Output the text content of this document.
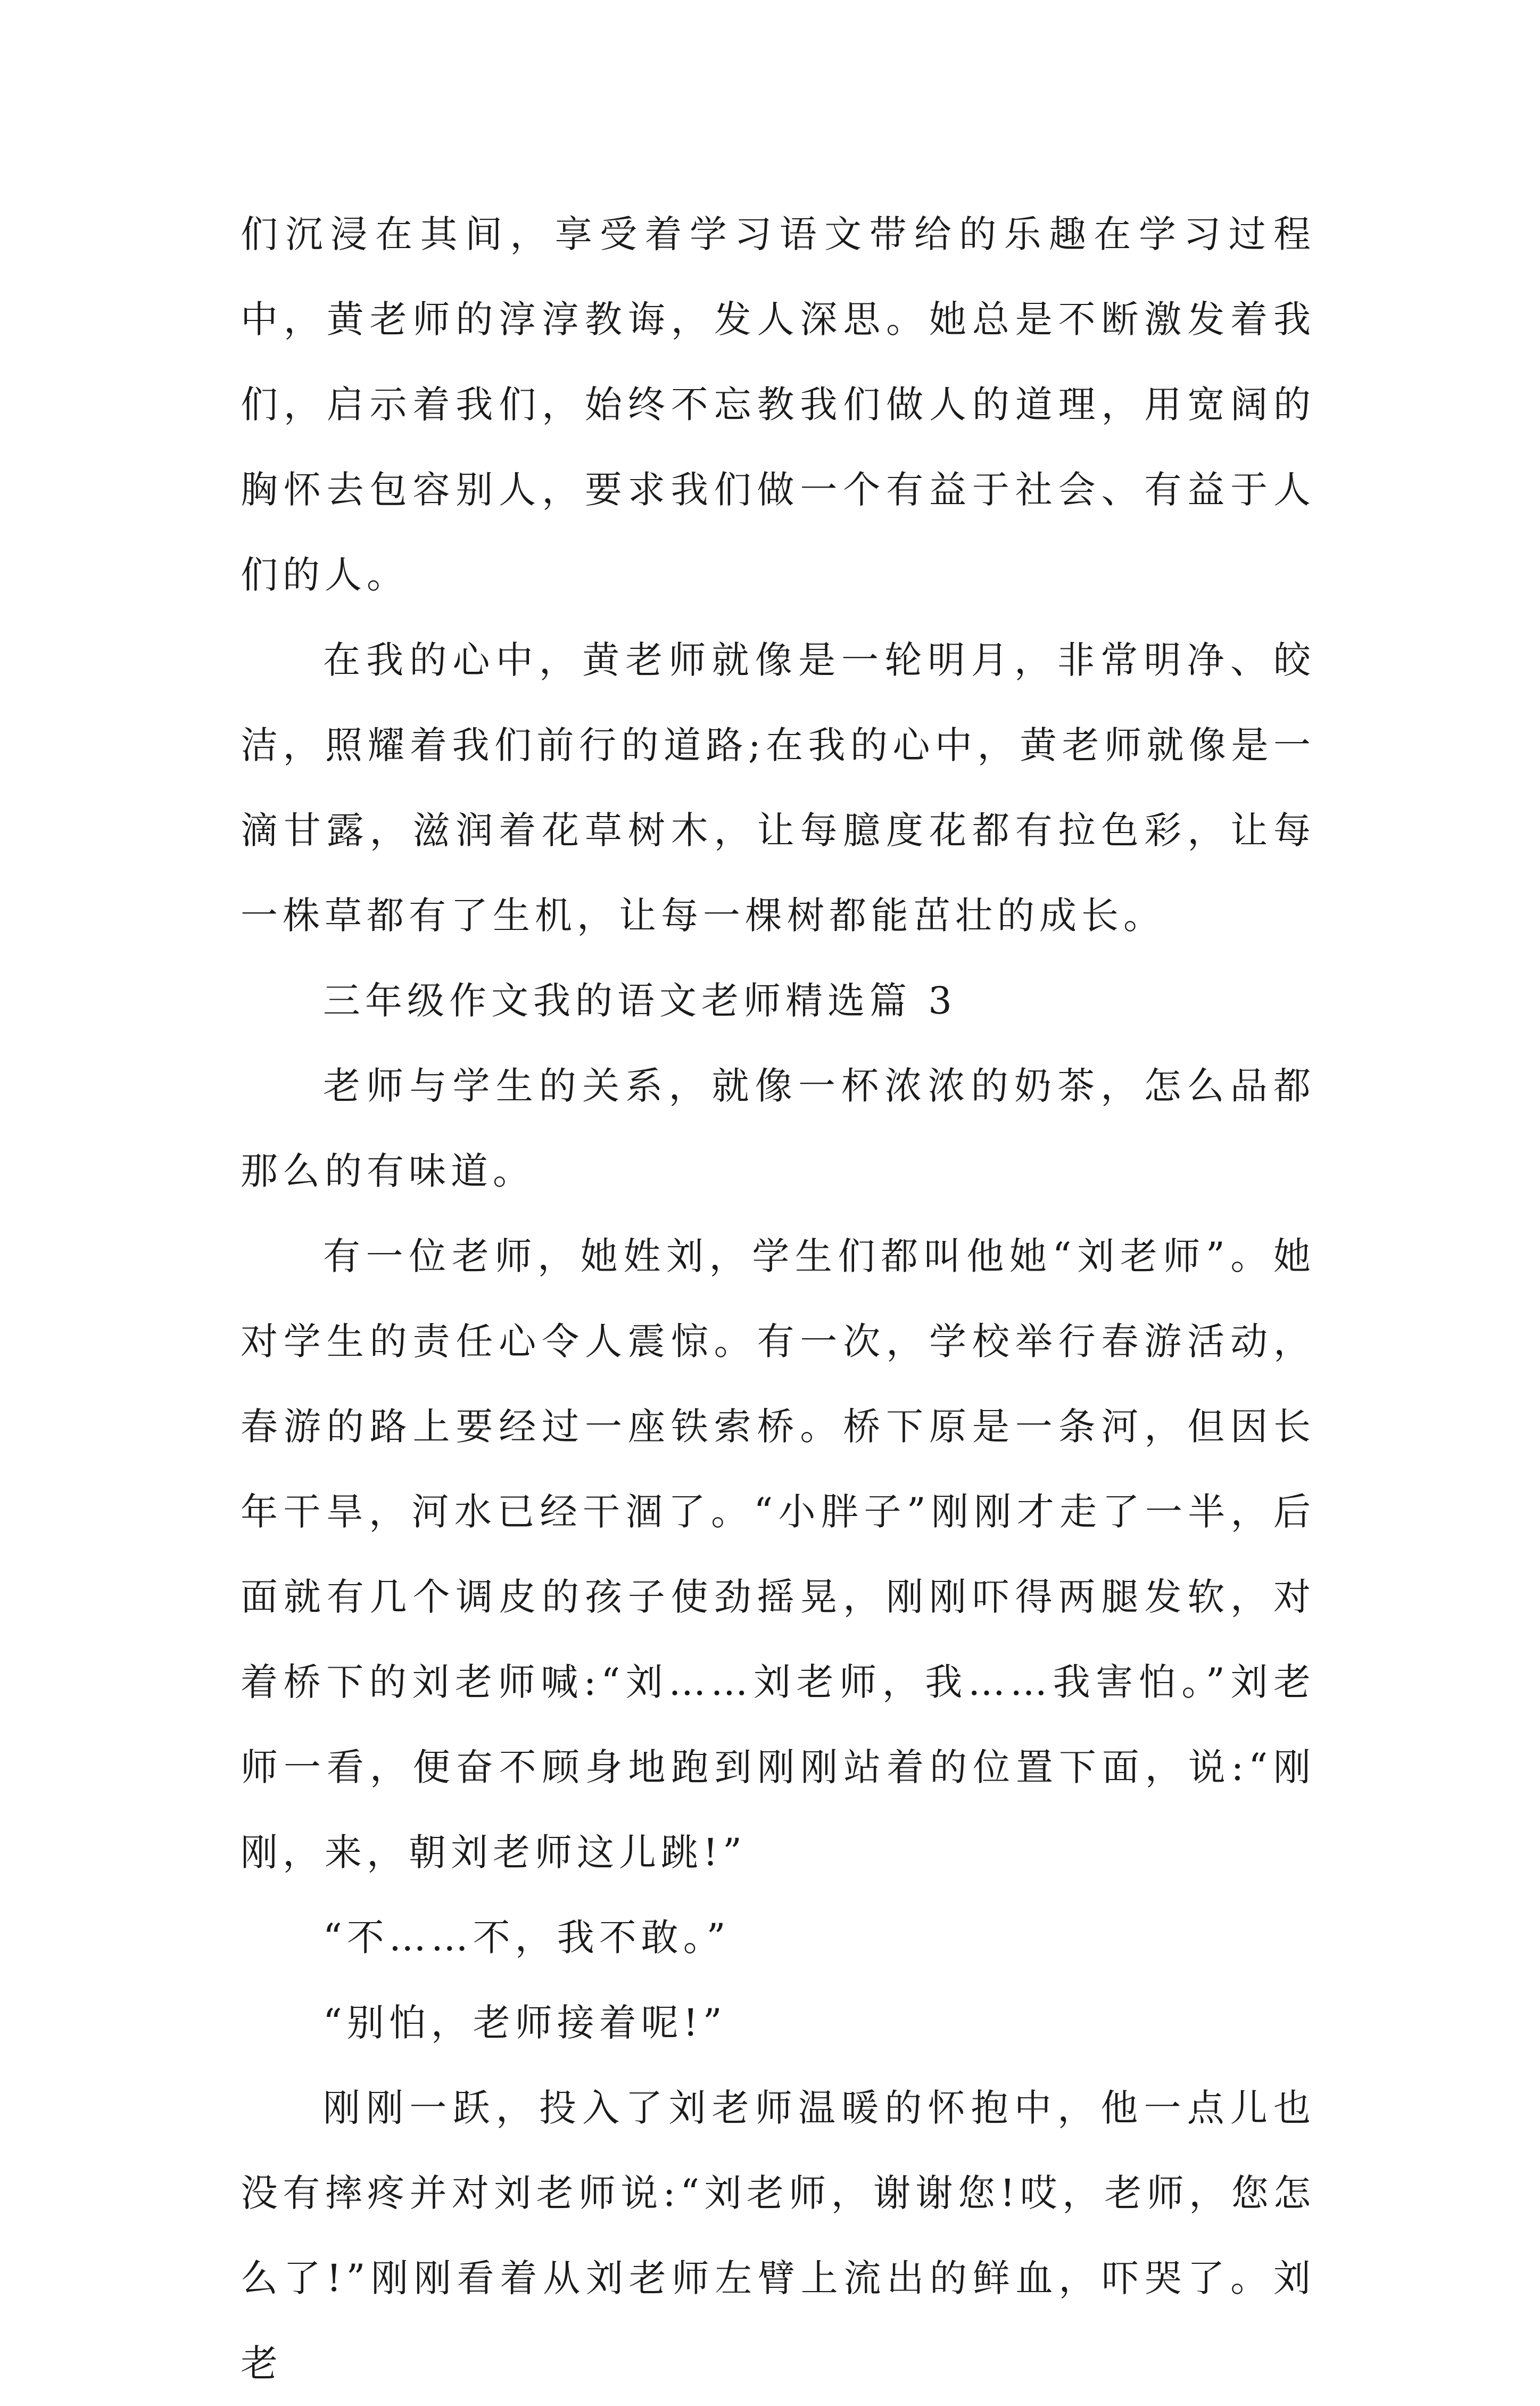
们沉浸在其间，享受着学习语文带给的乐趣在学习过程中，黄老师的淳淳教诲，发人深思。她总是不断激发着我们，启示着我们，始终不忘教我们做人的道理，用宽阔的胸怀去包容别人，要求我们做一个有益于社会、有益于人们的人。

在我的心中，黄老师就像是一轮明月，非常明净、皎洁，照耀着我们前行的道路;在我的心中，黄老师就像是一滴甘露，滋润着花草树木，让每臆度花都有拉色彩，让每一株草都有了生机，让每一棵树都能茁壮的成长。

三年级作文我的语文老师精选篇 3

老师与学生的关系，就像一杯浓浓的奶茶，怎么品都那么的有味道。

有一位老师，她姓刘，学生们都叫他她“刘老师”。她对学生的责任心令人震惊。有一次，学校举行春游活动，春游的路上要经过一座铁索桥。桥下原是一条河，但因长年干旱，河水已经干涸了。“小胖子”刚刚才走了一半，后面就有几个调皮的孩子使劲摇晃，刚刚吓得两腿发软，对着桥下的刘老师喊:“刘……刘老师，我……我害怕。”刘老师一看，便奋不顾身地跑到刚刚站着的位置下面，说:“刚刚，来，朝刘老师这儿跳!”

“不……不，我不敢。”

“别怕，老师接着呢!”

刚刚一跃，投入了刘老师温暖的怀抱中，他一点儿也没有摔疼并对刘老师说:“刘老师，谢谢您!哎，老师，您怎么了!”刚刚看着从刘老师左臂上流出的鲜血，吓哭了。刘老
